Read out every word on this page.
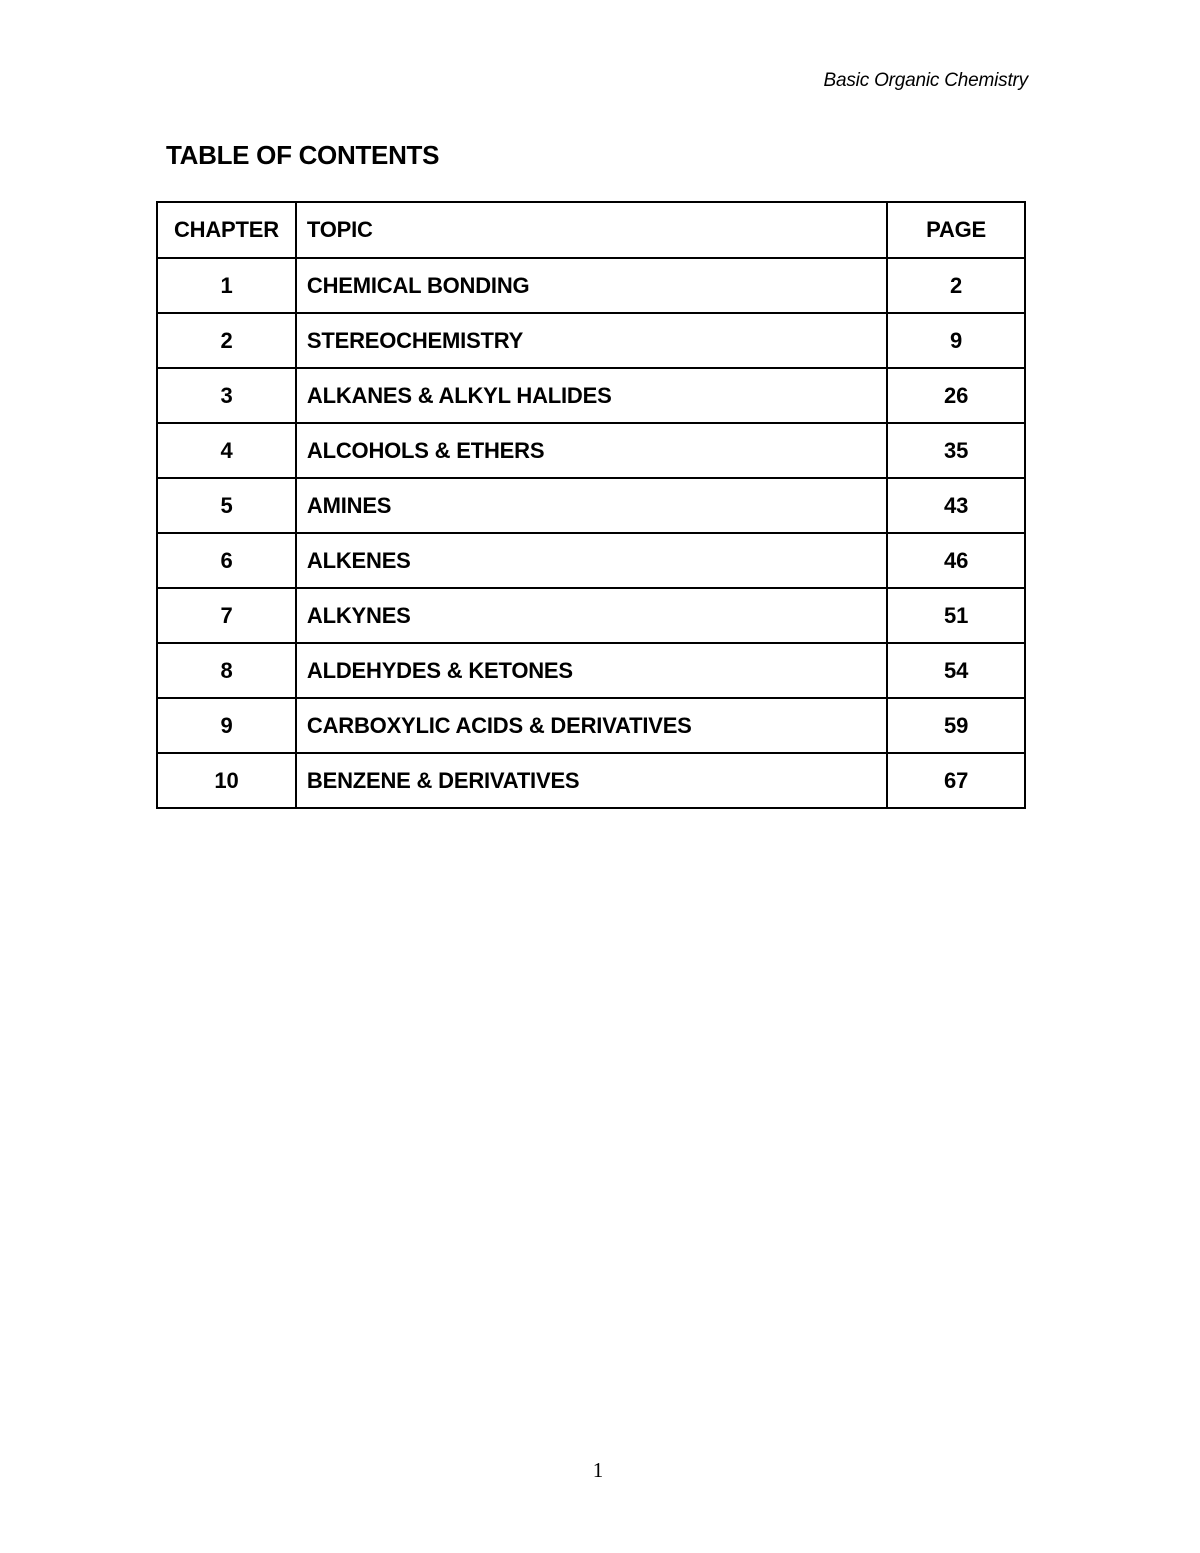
Basic Organic Chemistry
TABLE OF CONTENTS
CHAPTER	TOPIC	PAGE
1	CHEMICAL BONDING	2
2	STEREOCHEMISTRY	9
3	ALKANES & ALKYL HALIDES	26
4	ALCOHOLS & ETHERS	35
5	AMINES	43
6	ALKENES	46
7	ALKYNES	51
8	ALDEHYDES & KETONES	54
9	CARBOXYLIC ACIDS & DERIVATIVES	59
10	BENZENE & DERIVATIVES	67
1
